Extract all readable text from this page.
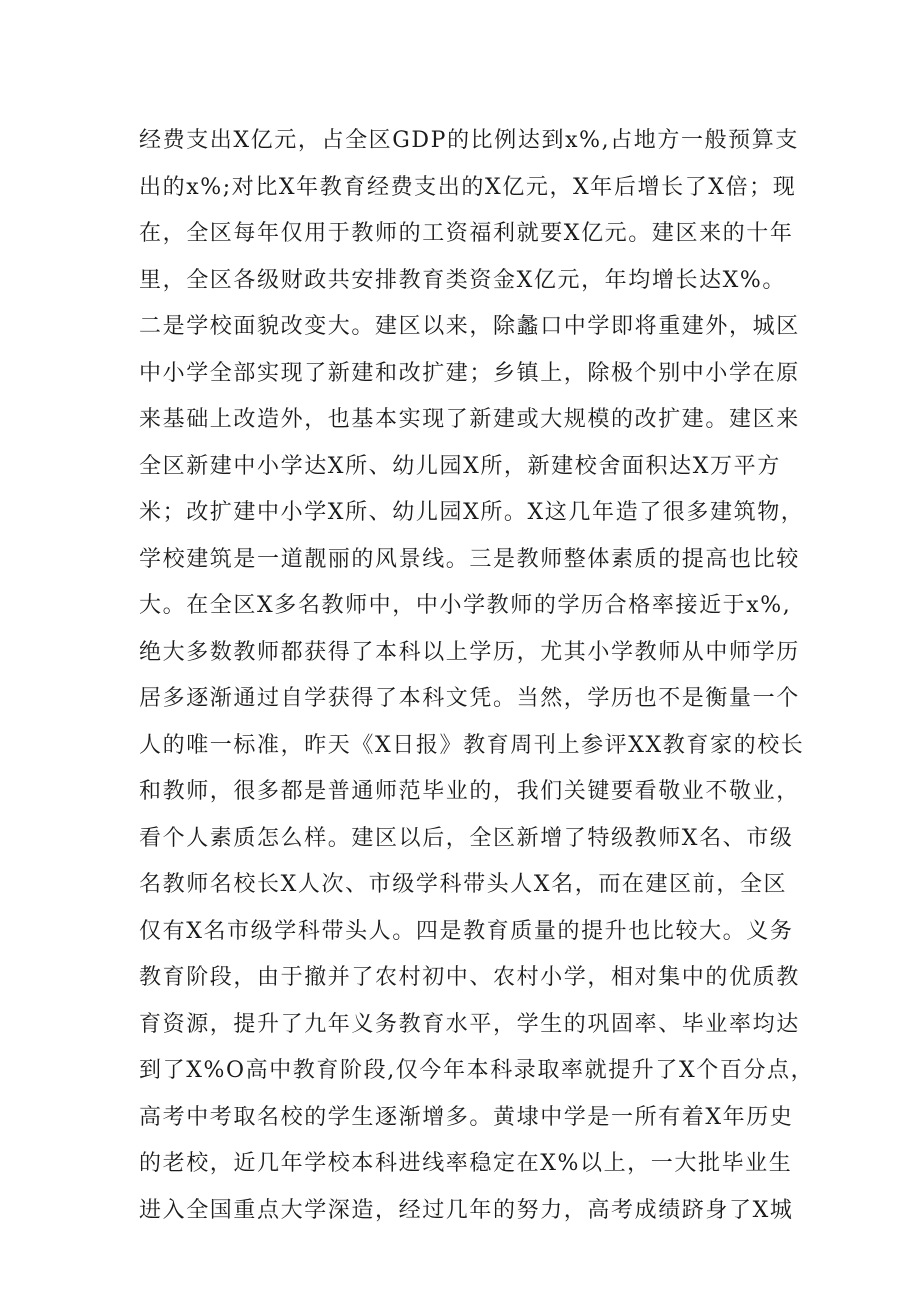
经费支出X亿元，占全区GDP的比例达到x%,占地方一般预算支
出的x%;对比X年教育经费支出的X亿元，X年后增长了X倍；现
在，全区每年仅用于教师的工资福利就要X亿元。建区来的十年
里，全区各级财政共安排教育类资金X亿元，年均增长达X%。
二是学校面貌改变大。建区以来，除蠡口中学即将重建外，城区
中小学全部实现了新建和改扩建；乡镇上，除极个别中小学在原
来基础上改造外，也基本实现了新建或大规模的改扩建。建区来
全区新建中小学达X所、幼儿园X所，新建校舍面积达X万平方
米；改扩建中小学X所、幼儿园X所。X这几年造了很多建筑物，
学校建筑是一道靓丽的风景线。三是教师整体素质的提高也比较
大。在全区X多名教师中，中小学教师的学历合格率接近于x%,
绝大多数教师都获得了本科以上学历，尤其小学教师从中师学历
居多逐渐通过自学获得了本科文凭。当然，学历也不是衡量一个
人的唯一标准，昨天《X日报》教育周刊上参评XX教育家的校长
和教师，很多都是普通师范毕业的，我们关键要看敬业不敬业，
看个人素质怎么样。建区以后，全区新增了特级教师X名、市级
名教师名校长X人次、市级学科带头人X名，而在建区前，全区
仅有X名市级学科带头人。四是教育质量的提升也比较大。义务
教育阶段，由于撤并了农村初中、农村小学，相对集中的优质教
育资源，提升了九年义务教育水平，学生的巩固率、毕业率均达
到了X%O高中教育阶段,仅今年本科录取率就提升了X个百分点，
高考中考取名校的学生逐渐增多。黄埭中学是一所有着X年历史
的老校，近几年学校本科进线率稳定在X%以上，一大批毕业生
进入全国重点大学深造，经过几年的努力，高考成绩跻身了X城
